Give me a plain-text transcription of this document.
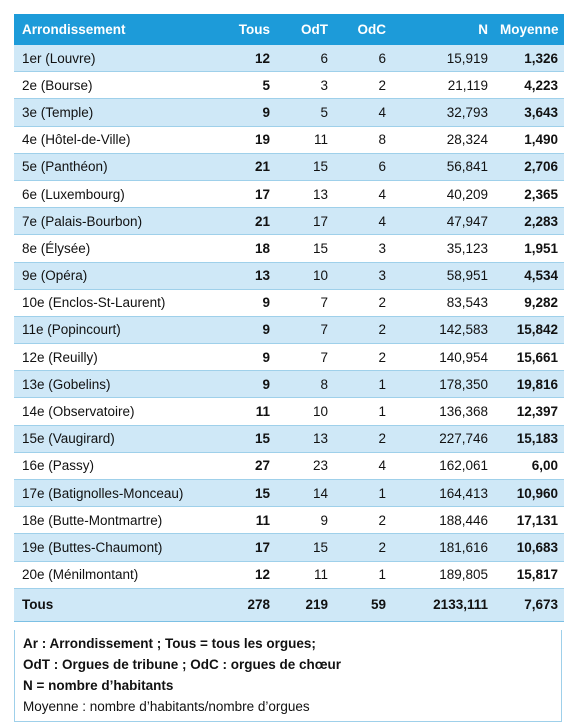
Arrondissement	Tous	OdT	OdC	N	Moyenne
1er (Louvre)	12	6	6	15,919	1,326
2e (Bourse)	5	3	2	21,119	4,223
3e (Temple)	9	5	4	32,793	3,643
4e (Hôtel-de-Ville)	19	11	8	28,324	1,490
5e (Panthéon)	21	15	6	56,841	2,706
6e (Luxembourg)	17	13	4	40,209	2,365
7e (Palais-Bourbon)	21	17	4	47,947	2,283
8e (Élysée)	18	15	3	35,123	1,951
9e (Opéra)	13	10	3	58,951	4,534
10e (Enclos-St-Laurent)	9	7	2	83,543	9,282
11e (Popincourt)	9	7	2	142,583	15,842
12e (Reuilly)	9	7	2	140,954	15,661
13e (Gobelins)	9	8	1	178,350	19,816
14e (Observatoire)	11	10	1	136,368	12,397
15e (Vaugirard)	15	13	2	227,746	15,183
16e (Passy)	27	23	4	162,061	6,00
17e (Batignolles-Monceau)	15	14	1	164,413	10,960
18e (Butte-Montmartre)	11	9	2	188,446	17,131
19e (Buttes-Chaumont)	17	15	2	181,616	10,683
20e (Ménilmontant)	12	11	1	189,805	15,817
Tous	278	219	59	2133,111	7,673
Ar : Arrondissement ; Tous = tous les orgues;
OdT : Orgues de tribune ; OdC : orgues de chœur
N = nombre d’habitants
Moyenne : nombre d’habitants/nombre d’orgues
